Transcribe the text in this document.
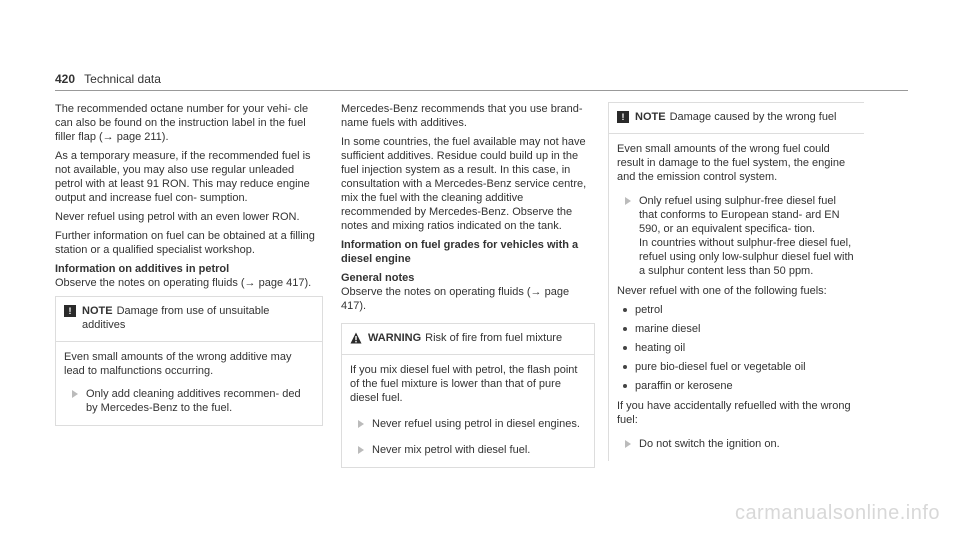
420 Technical data

The recommended octane number for your vehi- cle can also be found on the instruction label in the fuel filler flap (→ page 211).

As a temporary measure, if the recommended fuel is not available, you may also use regular unleaded petrol with at least 91 RON. This may reduce engine output and increase fuel con- sumption.

Never refuel using petrol with an even lower RON.

Further information on fuel can be obtained at a filling station or a qualified specialist workshop.

Information on additives in petrol

Observe the notes on operating fluids (→ page 417).

! NOTE Damage from use of unsuitable additives
Even small amounts of the wrong additive may lead to malfunctions occurring.
Only add cleaning additives recommen- ded by Mercedes-Benz to the fuel.

Mercedes-Benz recommends that you use brand-name fuels with additives.

In some countries, the fuel available may not have sufficient additives. Residue could build up in the fuel injection system as a result. In this case, in consultation with a Mercedes-Benz service centre, mix the fuel with the cleaning additive recommended by Mercedes-Benz. Observe the notes and mixing ratios indicated on the tank.

Information on fuel grades for vehicles with a diesel engine

General notes

Observe the notes on operating fluids (→ page 417).

WARNING Risk of fire from fuel mixture
If you mix diesel fuel with petrol, the flash point of the fuel mixture is lower than that of pure diesel fuel.
Never refuel using petrol in diesel engines.
Never mix petrol with diesel fuel.
! NOTE Damage caused by the wrong fuel
Even small amounts of the wrong fuel could result in damage to the fuel system, the engine and the emission control system.
Only refuel using sulphur-free diesel fuel that conforms to European stand- ard EN 590, or an equivalent specifica- tion.
In countries without sulphur-free diesel fuel, refuel using only low-sulphur diesel fuel with a sulphur content less than 50 ppm.
Never refuel with one of the following fuels:
petrol
marine diesel
heating oil
pure bio-diesel fuel or vegetable oil
paraffin or kerosene
If you have accidentally refuelled with the wrong fuel:
Do not switch the ignition on.
carmanualsonline.info
